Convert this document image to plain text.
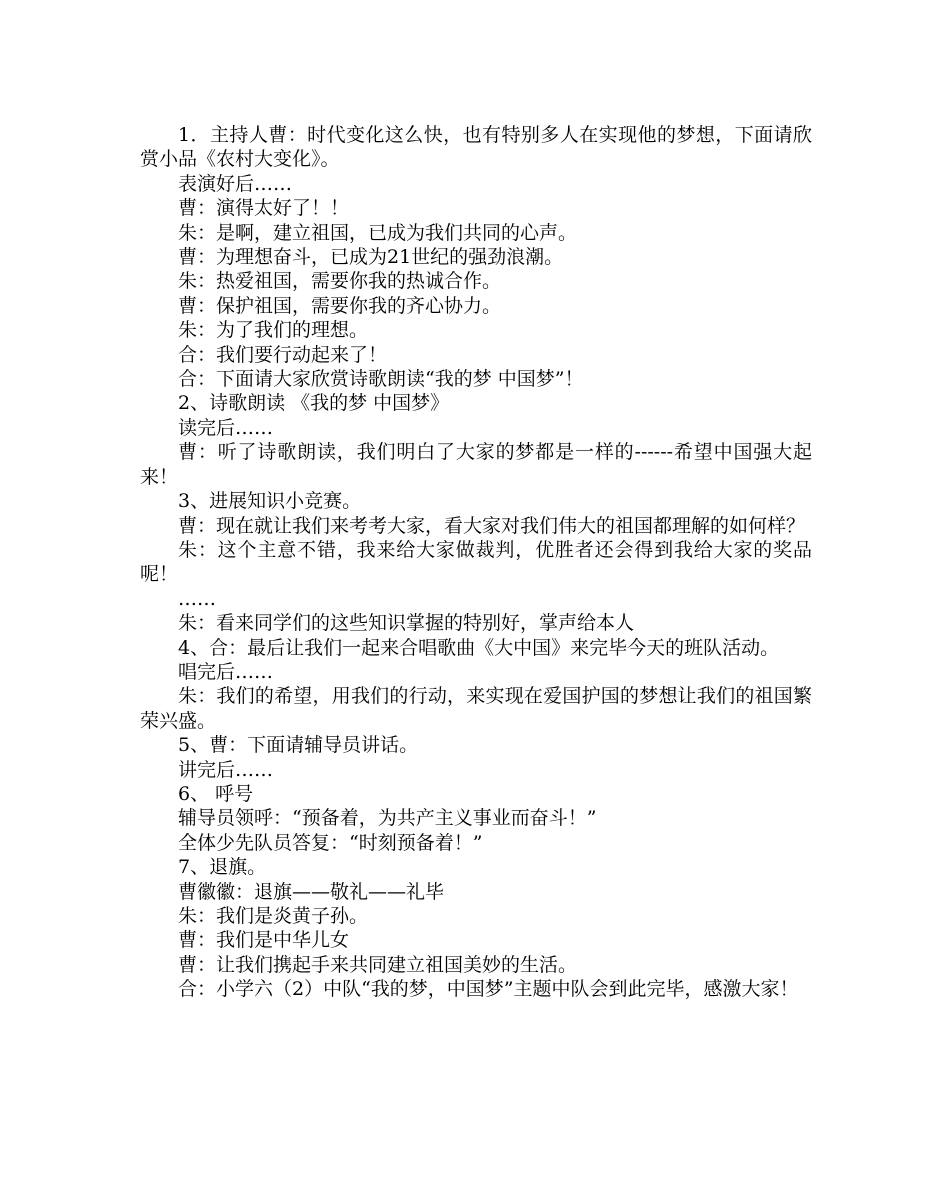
1．主持人曹：时代变化这么快，也有特别多人在实现他的梦想，下面请欣赏小品《农村大变化》。

表演好后……

曹：演得太好了！！

朱：是啊，建立祖国，已成为我们共同的心声。

曹：为理想奋斗，已成为21世纪的强劲浪潮。

朱：热爱祖国，需要你我的热诚合作。

曹：保护祖国，需要你我的齐心协力。

朱：为了我们的理想。

合：我们要行动起来了！

合：下面请大家欣赏诗歌朗读“我的梦 中国梦”！

2、诗歌朗读 《我的梦 中国梦》

读完后……

曹：听了诗歌朗读，我们明白了大家的梦都是一样的------希望中国强大起来！

3、进展知识小竞赛。

曹：现在就让我们来考考大家，看大家对我们伟大的祖国都理解的如何样？

朱：这个主意不错，我来给大家做裁判，优胜者还会得到我给大家的奖品呢！

……

朱：看来同学们的这些知识掌握的特别好，掌声给本人

4、合：最后让我们一起来合唱歌曲《大中国》来完毕今天的班队活动。

唱完后……

朱：我们的希望，用我们的行动，来实现在爱国护国的梦想让我们的祖国繁荣兴盛。

5、曹：下面请辅导员讲话。

讲完后……

6、 呼号

辅导员领呼：“预备着，为共产主义事业而奋斗！”

全体少先队员答复：“时刻预备着！”

7、退旗。

曹徽徽：退旗——敬礼——礼毕

朱：我们是炎黄子孙。

曹：我们是中华儿女

曹：让我们携起手来共同建立祖国美妙的生活。

合：小学六（2）中队“我的梦，中国梦”主题中队会到此完毕，感激大家！
